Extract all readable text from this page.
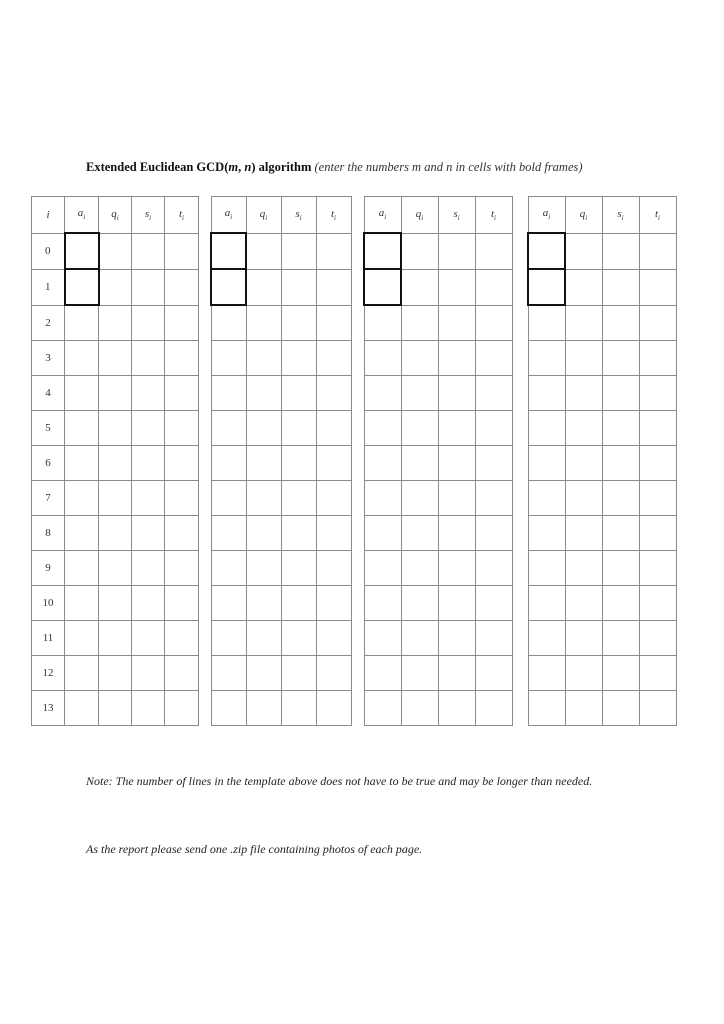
Extended Euclidean GCD(m, n) algorithm (enter the numbers m and n in cells with bold frames)
i	$a_i$	$q_i$	$s_i$	$t_i$
0				
1				
2				
3				
4				
5				
6				
7				
8				
9				
10				
11				
12				
13				
$a_i$	$q_i$	$s_i$	$t_i$

				$a_i$	$q_i$	$s_i$	$t_i$

				$a_i$	$q_i$	$s_i$	$t_i$

Note: The number of lines in the template above does not have to be true and may be longer than needed.
As the report please send one .zip file containing photos of each page.
